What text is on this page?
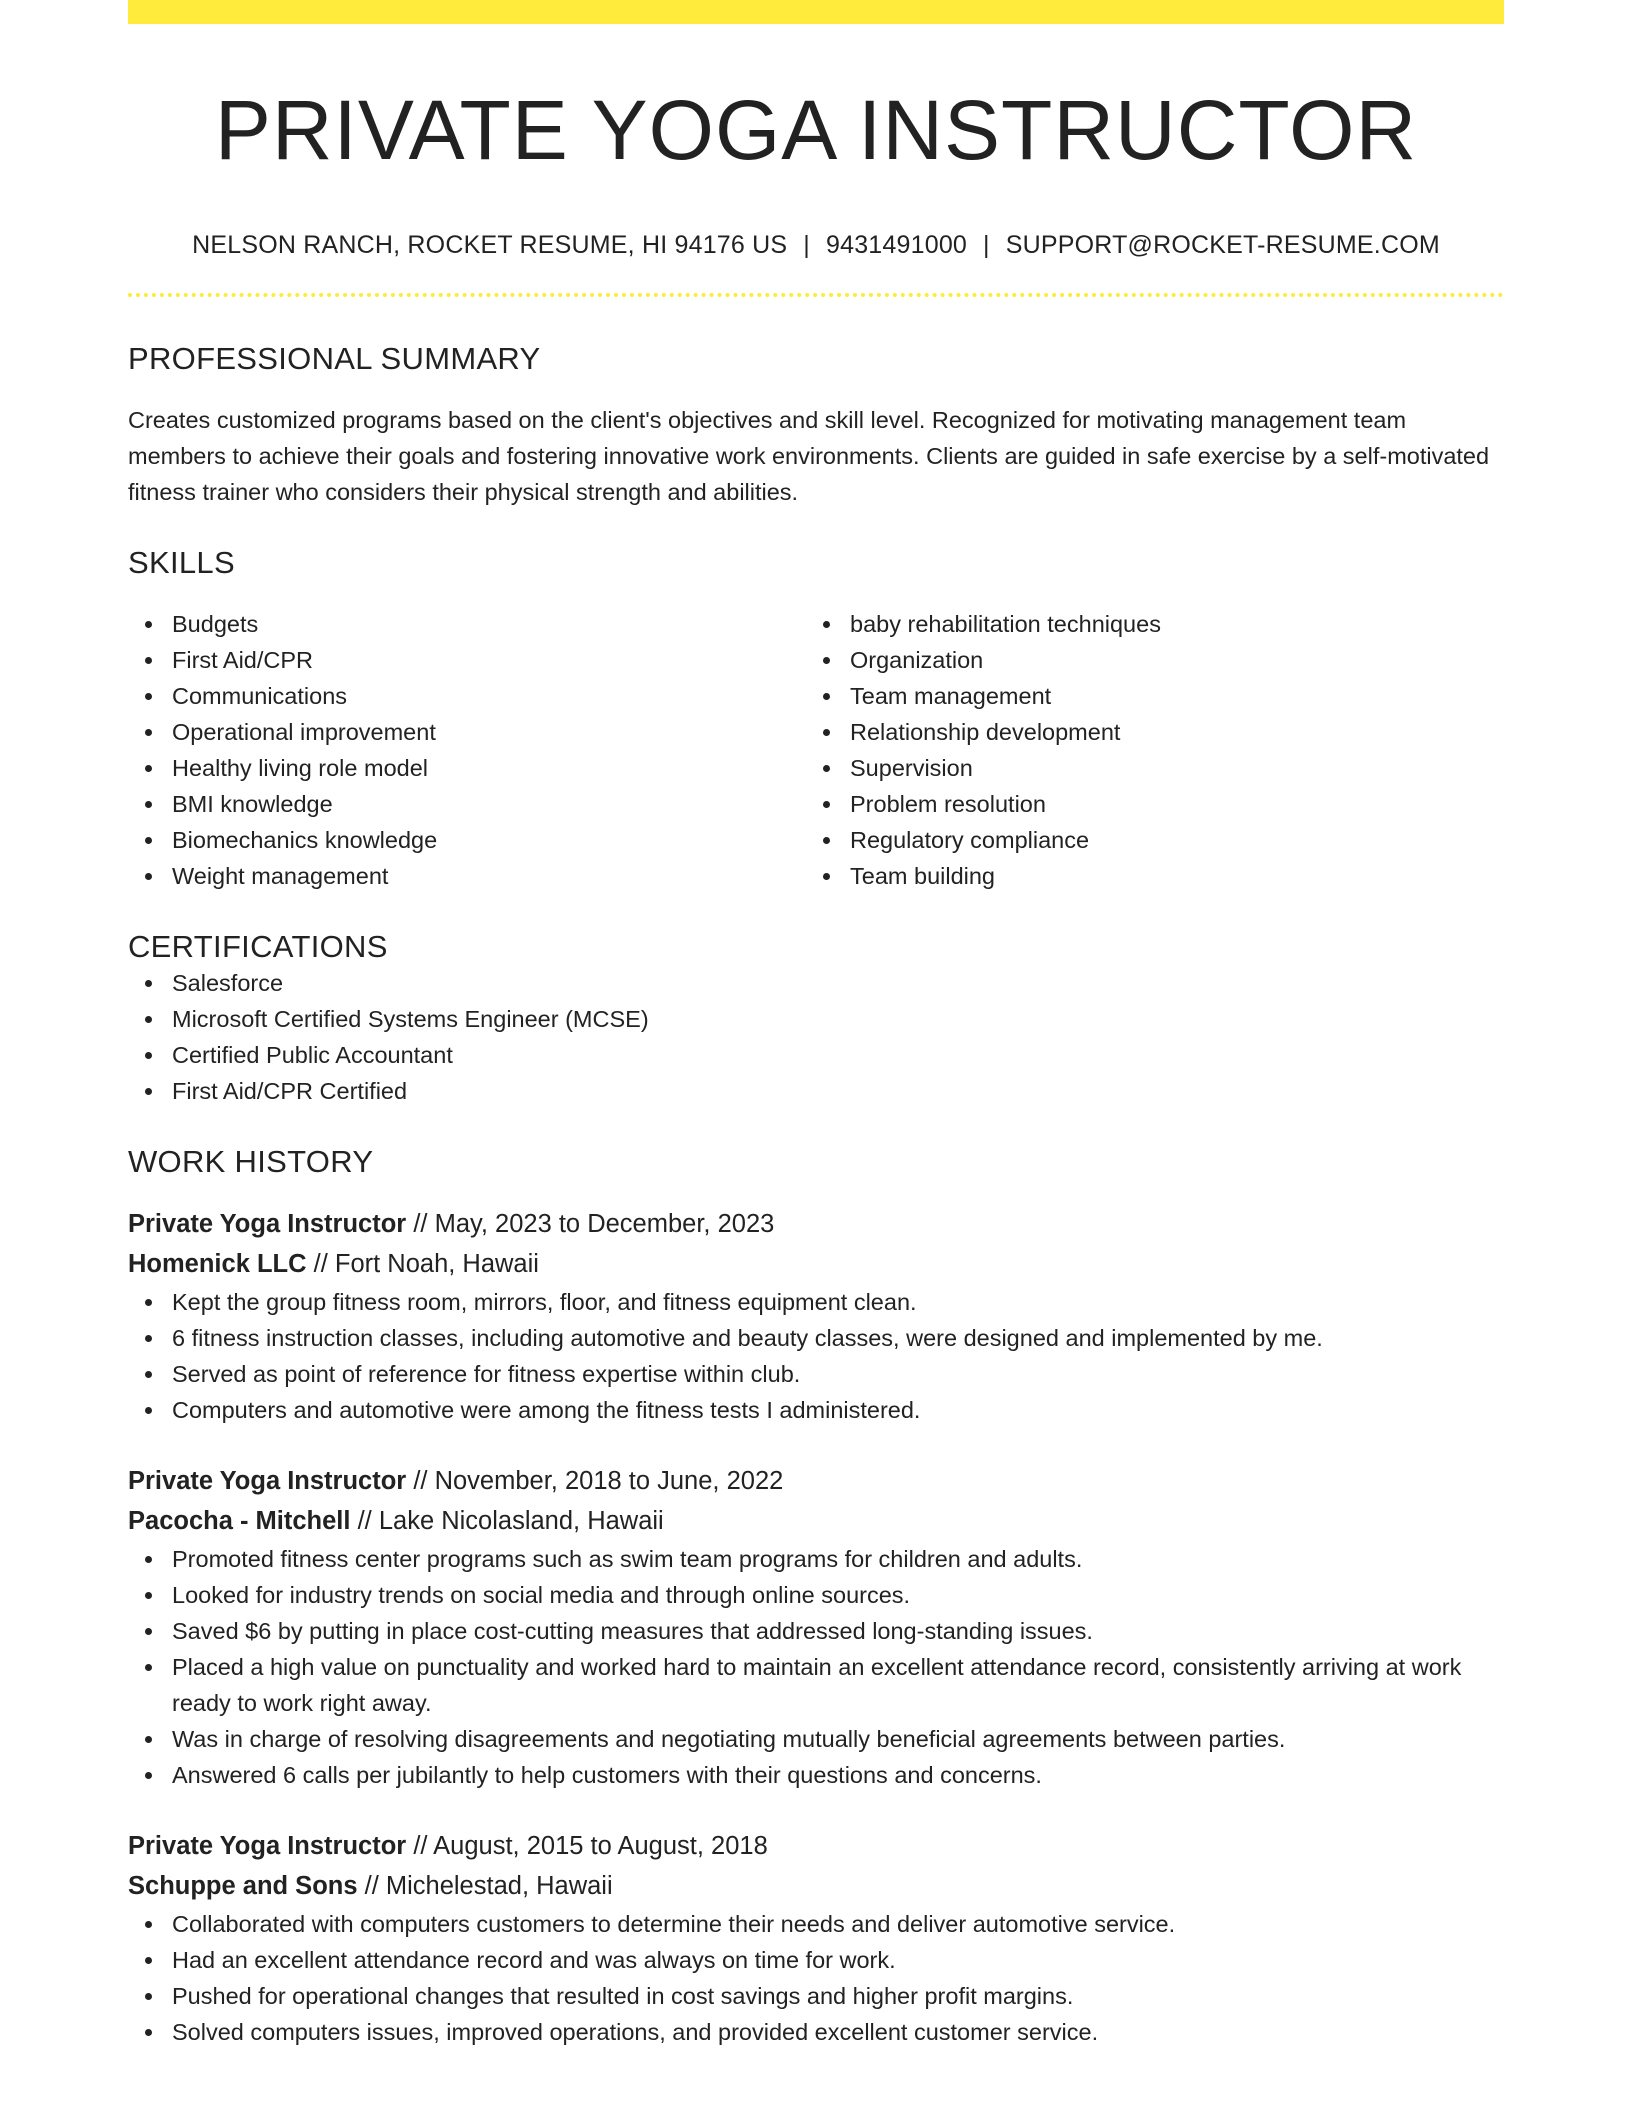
PRIVATE YOGA INSTRUCTOR
NELSON RANCH, ROCKET RESUME, HI 94176 US | 9431491000 | SUPPORT@ROCKET-RESUME.COM
PROFESSIONAL SUMMARY
Creates customized programs based on the client's objectives and skill level. Recognized for motivating management team members to achieve their goals and fostering innovative work environments. Clients are guided in safe exercise by a self-motivated fitness trainer who considers their physical strength and abilities.
SKILLS
Budgets
First Aid/CPR
Communications
Operational improvement
Healthy living role model
BMI knowledge
Biomechanics knowledge
Weight management
baby rehabilitation techniques
Organization
Team management
Relationship development
Supervision
Problem resolution
Regulatory compliance
Team building
CERTIFICATIONS
Salesforce
Microsoft Certified Systems Engineer (MCSE)
Certified Public Accountant
First Aid/CPR Certified
WORK HISTORY
Private Yoga Instructor // May, 2023 to December, 2023
Homenick LLC // Fort Noah, Hawaii
Kept the group fitness room, mirrors, floor, and fitness equipment clean.
6 fitness instruction classes, including automotive and beauty classes, were designed and implemented by me.
Served as point of reference for fitness expertise within club.
Computers and automotive were among the fitness tests I administered.
Private Yoga Instructor // November, 2018 to June, 2022
Pacocha - Mitchell // Lake Nicolasland, Hawaii
Promoted fitness center programs such as swim team programs for children and adults.
Looked for industry trends on social media and through online sources.
Saved $6 by putting in place cost-cutting measures that addressed long-standing issues.
Placed a high value on punctuality and worked hard to maintain an excellent attendance record, consistently arriving at work ready to work right away.
Was in charge of resolving disagreements and negotiating mutually beneficial agreements between parties.
Answered 6 calls per jubilantly to help customers with their questions and concerns.
Private Yoga Instructor // August, 2015 to August, 2018
Schuppe and Sons // Michelestad, Hawaii
Collaborated with computers customers to determine their needs and deliver automotive service.
Had an excellent attendance record and was always on time for work.
Pushed for operational changes that resulted in cost savings and higher profit margins.
Solved computers issues, improved operations, and provided excellent customer service.
